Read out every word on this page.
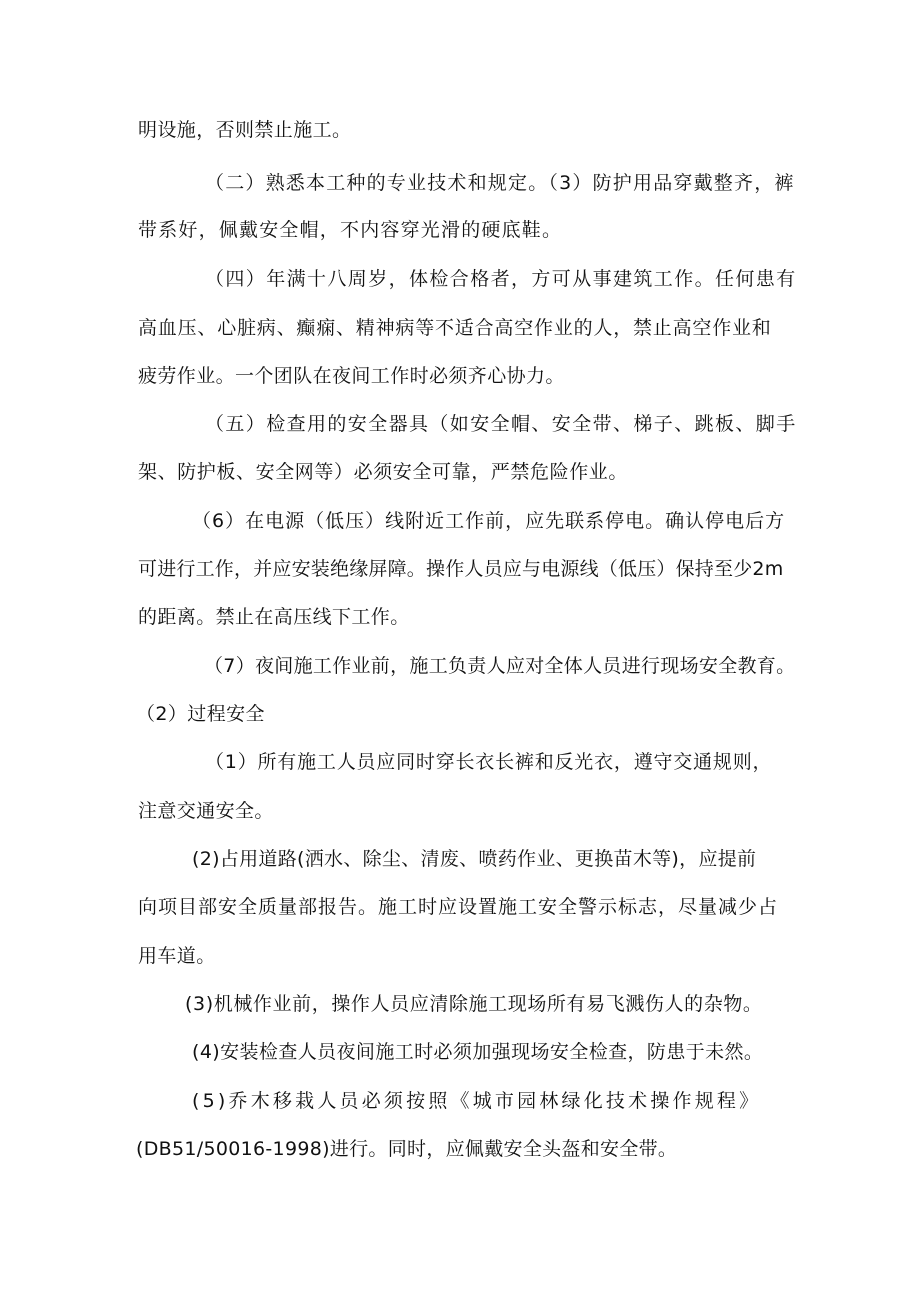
明设施，否则禁止施工。
（二）熟悉本工种的专业技术和规定。（3）防护用品穿戴整齐，裤
带系好，佩戴安全帽，不内容穿光滑的硬底鞋。
（四）年满十八周岁，体检合格者，方可从事建筑工作。任何患有
高血压、心脏病、癫痫、精神病等不适合高空作业的人，禁止高空作业和
疲劳作业。一个团队在夜间工作时必须齐心协力。
（五）检查用的安全器具（如安全帽、安全带、梯子、跳板、脚手
架、防护板、安全网等）必须安全可靠，严禁危险作业。
（6）在电源（低压）线附近工作前，应先联系停电。确认停电后方
可进行工作，并应安装绝缘屏障。操作人员应与电源线（低压）保持至少2m
的距离。禁止在高压线下工作。
（7）夜间施工作业前，施工负责人应对全体人员进行现场安全教育。
（2）过程安全
（1）所有施工人员应同时穿长衣长裤和反光衣，遵守交通规则，
注意交通安全。
(2)占用道路(洒水、除尘、清废、喷药作业、更换苗木等)，应提前
向项目部安全质量部报告。施工时应设置施工安全警示标志，尽量减少占
用车道。
(3)机械作业前，操作人员应清除施工现场所有易飞溅伤人的杂物。
(4)安装检查人员夜间施工时必须加强现场安全检查，防患于未然。
(5)乔木移栽人员必须按照《城市园林绿化技术操作规程》
(DB51/50016-1998)进行。同时，应佩戴安全头盔和安全带。
